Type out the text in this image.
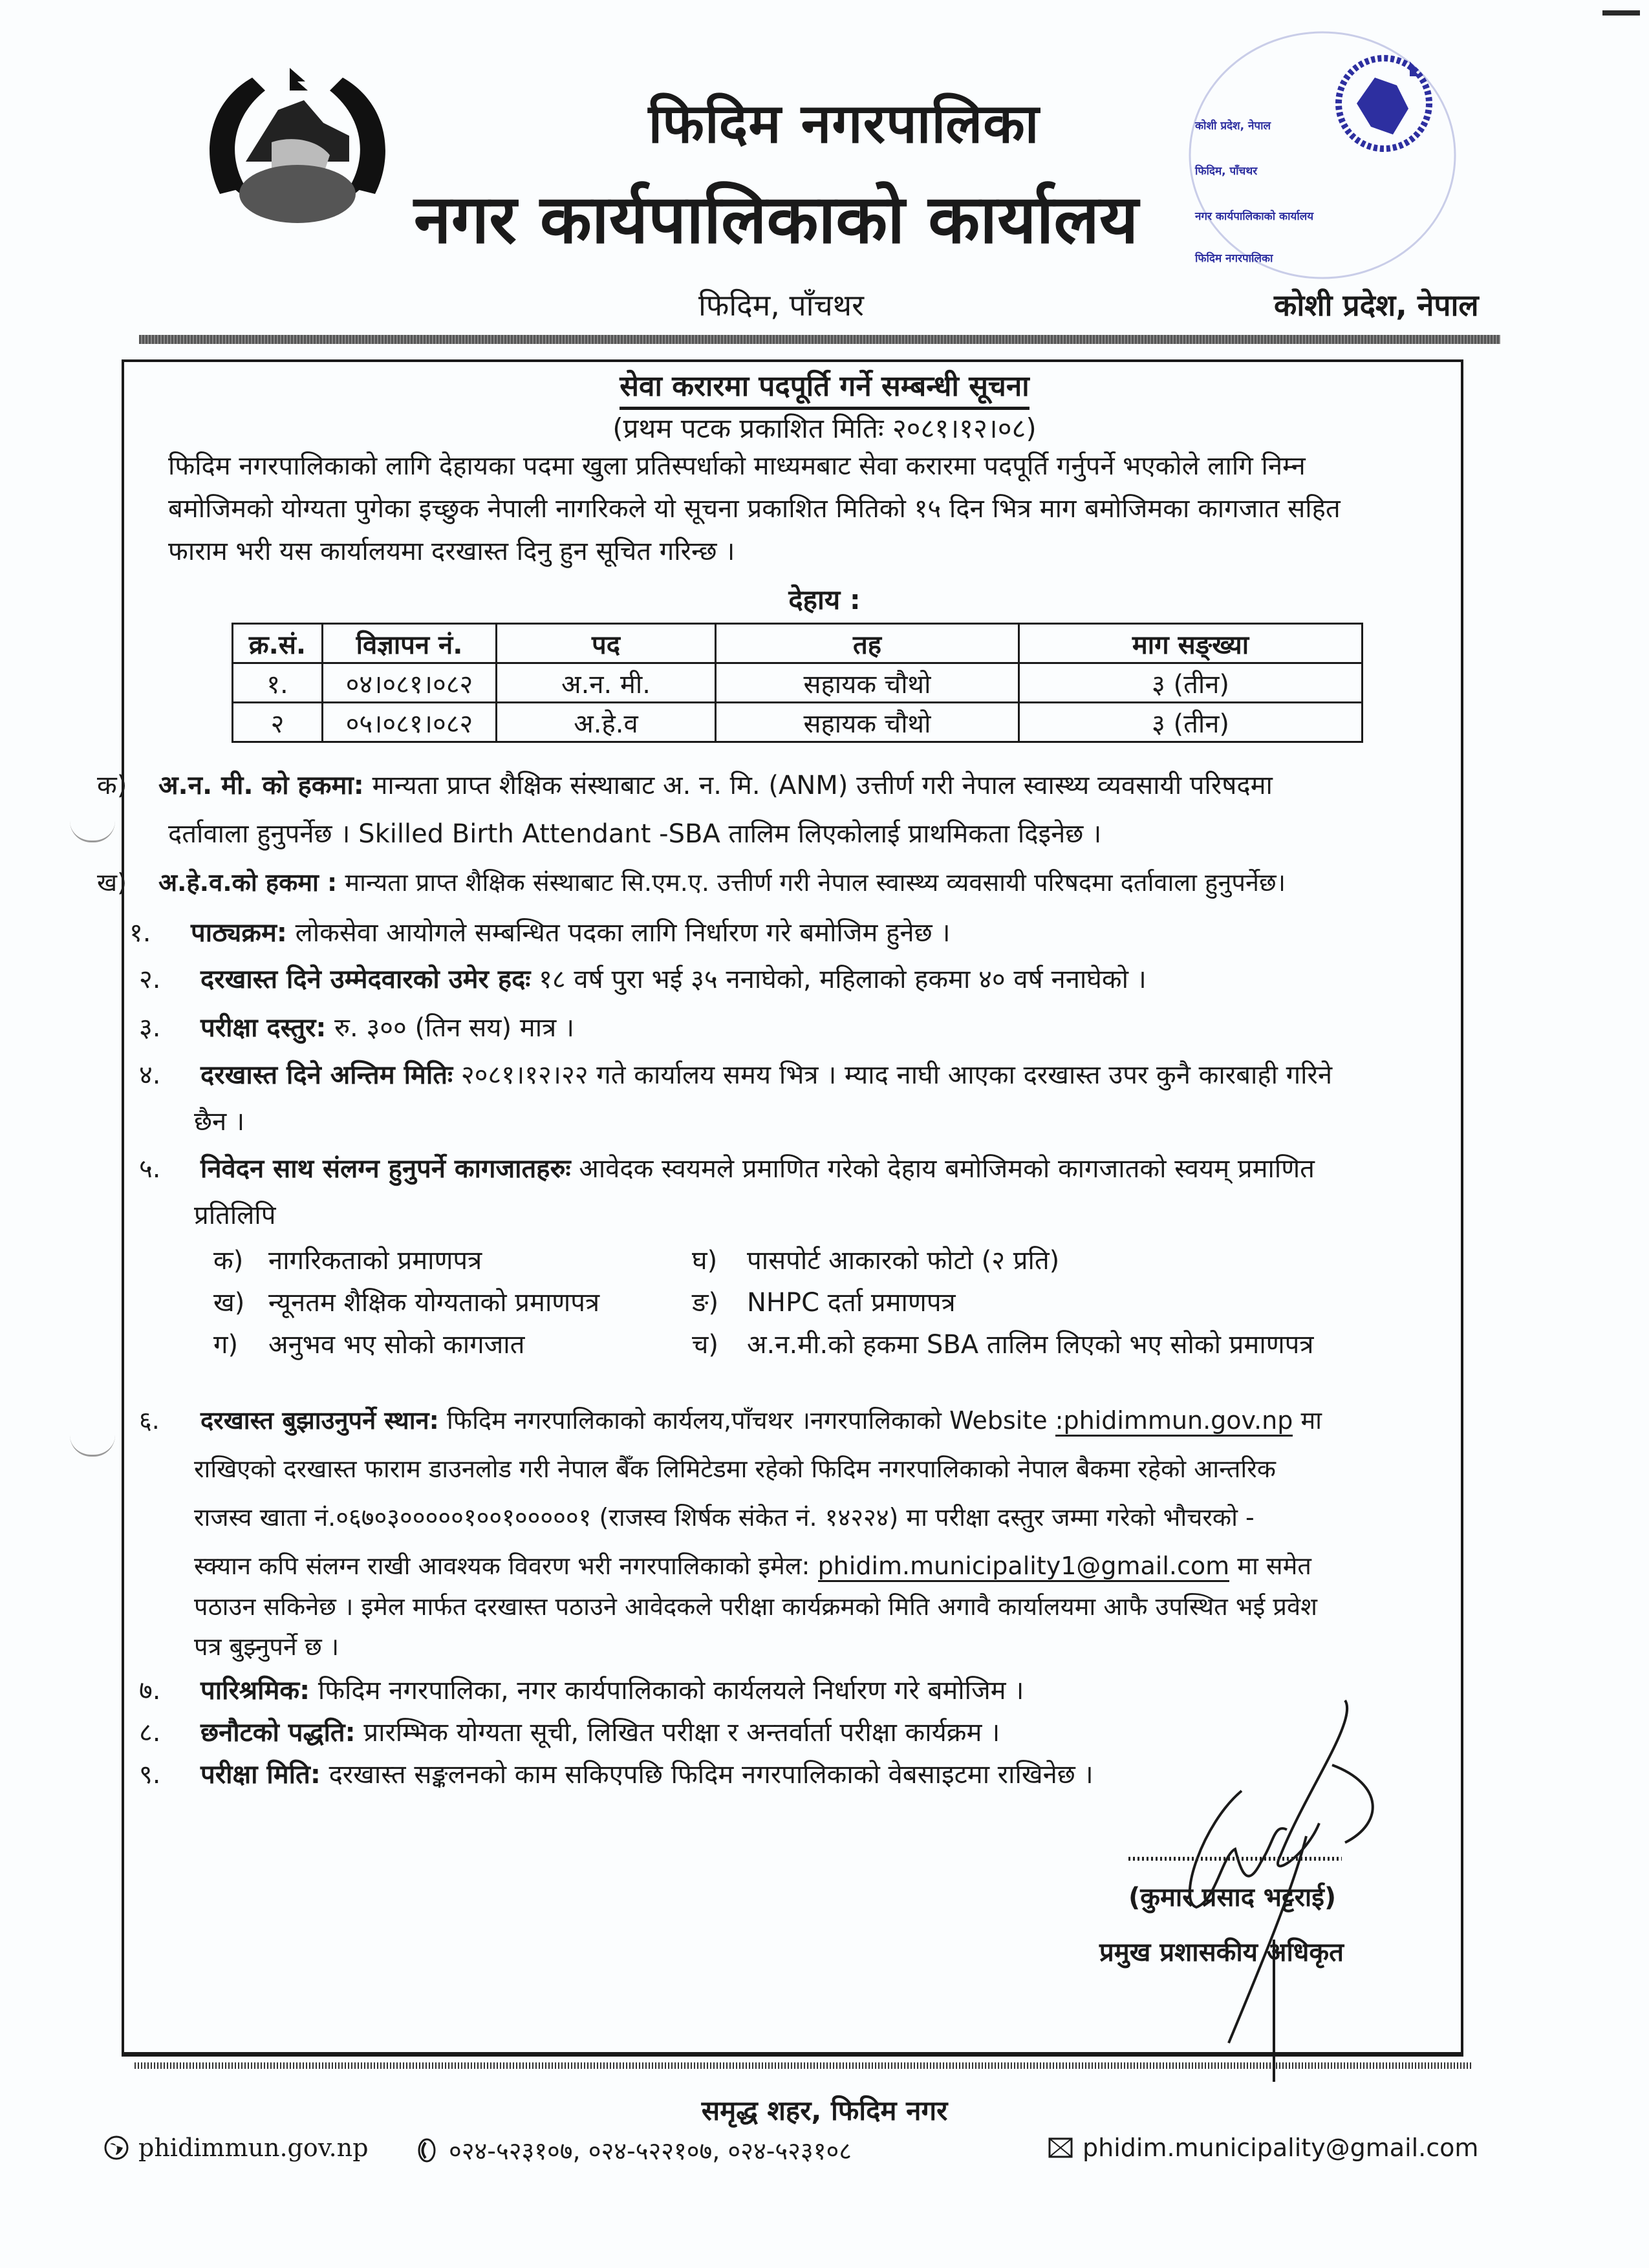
फिदिम नगरपालिका
नगर कार्यपालिकाको कार्यालय
कोशी प्रदेश, नेपाल
फिदिम, पाँचथर
नगर कार्यपालिकाको कार्यालय
फिदिम नगरपालिका
फिदिम, पाँचथर	कोशी प्रदेश, नेपाल
सेवा करारमा पदपूर्ति गर्ने सम्बन्धी सूचना
(प्रथम पटक प्रकाशित मितिः २०८१।१२।०८)
फिदिम नगरपालिकाको लागि देहायका पदमा खुला प्रतिस्पर्धाको माध्यमबाट सेवा करारमा पदपूर्ति गर्नुपर्ने भएकोले लागि निम्न
बमोजिमको योग्यता पुगेका इच्छुक नेपाली नागरिकले यो सूचना प्रकाशित मितिको १५ दिन भित्र माग बमोजिमका कागजात सहित
फाराम भरी यस कार्यालयमा दरखास्त दिनु हुन सूचित गरिन्छ ।
देहाय :
क्र.सं.	विज्ञापन नं.	पद	तह	माग सङ्ख्या
१.	०४।०८१।०८२	अ.न. मी.	सहायक चौथो	३ (तीन)
२	०५।०८१।०८२	अ.हे.व	सहायक चौथो	३ (तीन)
क) अ.न. मी. को हकमा: मान्यता प्राप्त शैक्षिक संस्थाबाट अ. न. मि. (ANM) उत्तीर्ण गरी नेपाल स्वास्थ्य व्यवसायी परिषदमा
दर्तावाला हुनुपर्नेछ । Skilled Birth Attendant -SBA तालिम लिएकोलाई प्राथमिकता दिइनेछ ।
ख) अ.हे.व.को हकमा : मान्यता प्राप्त शैक्षिक संस्थाबाट सि.एम.ए. उत्तीर्ण गरी नेपाल स्वास्थ्य व्यवसायी परिषदमा दर्तावाला हुनुपर्नेछ।
१. पाठ्यक्रम: लोकसेवा आयोगले सम्बन्धित पदका लागि निर्धारण गरे बमोजिम हुनेछ ।
२. दरखास्त दिने उम्मेदवारको उमेर हदः १८ वर्ष पुरा भई ३५ ननाघेको, महिलाको हकमा ४० वर्ष ननाघेको ।
३. परीक्षा दस्तुर: रु. ३०० (तिन सय) मात्र ।
४. दरखास्त दिने अन्तिम मितिः २०८१।१२।२२ गते कार्यालय समय भित्र । म्याद नाघी आएका दरखास्त उपर कुनै कारबाही गरिने
छैन ।
५. निवेदन साथ संलग्न हुनुपर्ने कागजातहरुः आवेदक स्वयमले प्रमाणित गरेको देहाय बमोजिमको कागजातको स्वयम् प्रमाणित
प्रतिलिपि
क) नागरिकताको प्रमाणपत्र
ख) न्यूनतम शैक्षिक योग्यताको प्रमाणपत्र
ग) अनुभव भए सोको कागजात
घ) पासपोर्ट आकारको फोटो (२ प्रति)
ङ) NHPC दर्ता प्रमाणपत्र
च) अ.न.मी.को हकमा SBA तालिम लिएको भए सोको प्रमाणपत्र
६. दरखास्त बुझाउनुपर्ने स्थान: फिदिम नगरपालिकाको कार्यलय,पाँचथर ।नगरपालिकाको Website :phidimmun.gov.np मा
राखिएको दरखास्त फाराम डाउनलोड गरी नेपाल बैँक लिमिटेडमा रहेको फिदिम नगरपालिकाको नेपाल बैकमा रहेको आन्तरिक
राजस्व खाता नं.०६७०३०००००१००१०००००१ (राजस्व शिर्षक संकेत नं. १४२२४) मा परीक्षा दस्तुर जम्मा गरेको भौचरको -
स्क्यान कपि संलग्न राखी आवश्यक विवरण भरी नगरपालिकाको इमेल: phidim.municipality1@gmail.com मा समेत
पठाउन सकिनेछ । इमेल मार्फत दरखास्त पठाउने आवेदकले परीक्षा कार्यक्रमको मिति अगावै कार्यालयमा आफै उपस्थित भई प्रवेश
पत्र बुझ्नुपर्ने छ ।
७. पारिश्रमिक: फिदिम नगरपालिका, नगर कार्यपालिकाको कार्यलयले निर्धारण गरे बमोजिम ।
८. छनौटको पद्धति: प्रारम्भिक योग्यता सूची, लिखित परीक्षा र अन्तर्वार्ता परीक्षा कार्यक्रम ।
९. परीक्षा मिति: दरखास्त सङ्कलनको काम सकिएपछि फिदिम नगरपालिकाको वेबसाइटमा राखिनेछ ।
(कुमार प्रसाद भट्टराई)
प्रमुख प्रशासकीय अधिकृत
समृद्ध शहर, फिदिम नगर
phidimmun.gov.np	०२४-५२३१०७, ०२४-५२२१०७, ०२४-५२३१०८	phidim.municipality@gmail.com
